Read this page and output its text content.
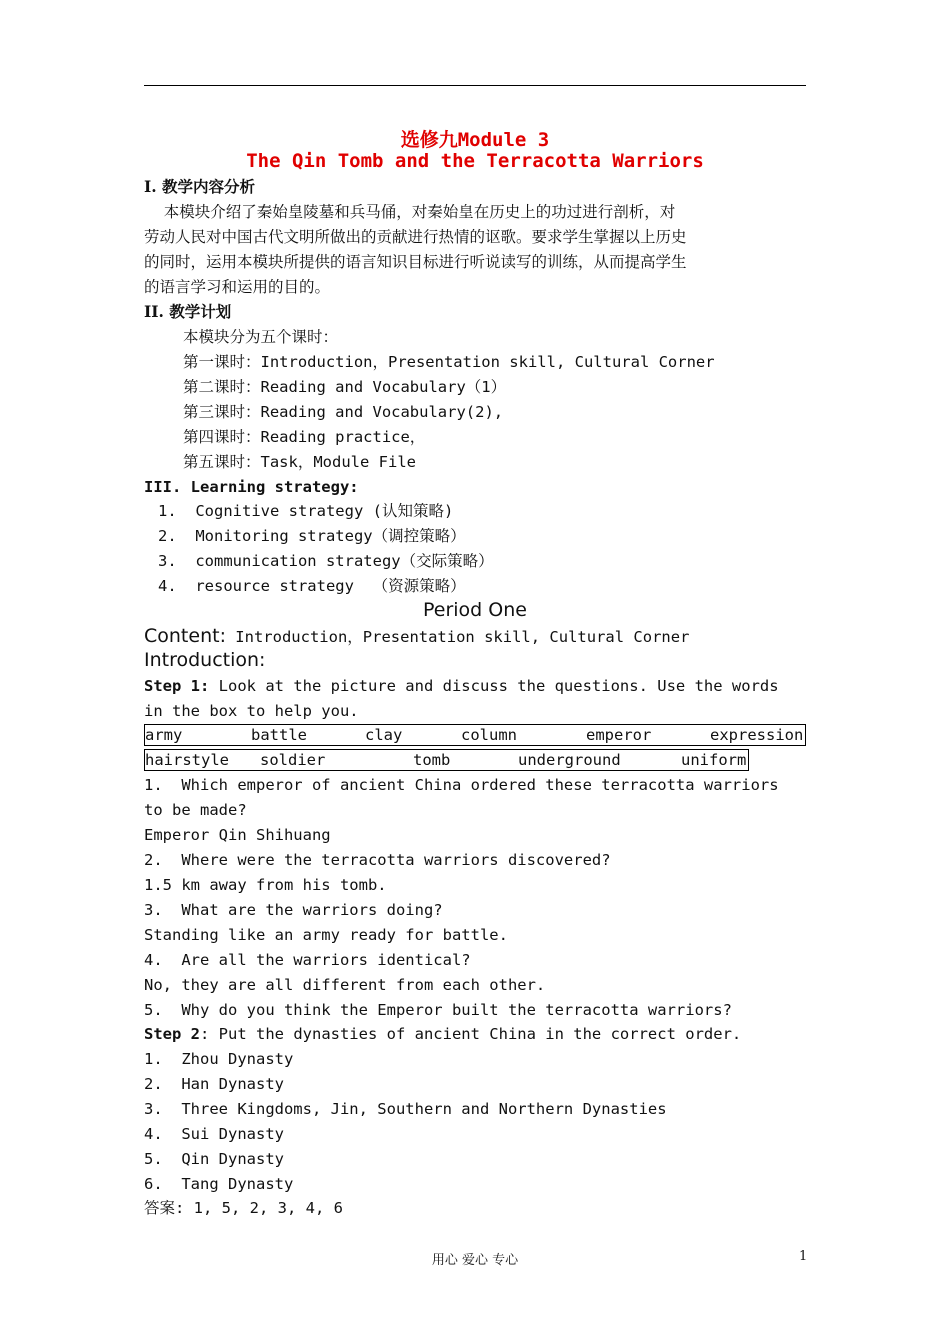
选修九Module 3
The Qin Tomb and the Terracotta Warriors
I. 教学内容分析
本模块介绍了秦始皇陵墓和兵马俑，对秦始皇在历史上的功过进行剖析，对
劳动人民对中国古代文明所做出的贡献进行热情的讴歌。要求学生掌握以上历史
的同时，运用本模块所提供的语言知识目标进行听说读写的训练，从而提高学生
的语言学习和运用的目的。
II. 教学计划
本模块分为五个课时：
第一课时：Introduction，Presentation skill, Cultural Corner
第二课时：Reading and Vocabulary（1）
第三课时：Reading and Vocabulary(2),
第四课时：Reading practice，
第五课时：Task，Module File
III. Learning strategy:
1.  Cognitive strategy (认知策略)
2.  Monitoring strategy（调控策略）
3.  communication strategy（交际策略）
4.  resource strategy  （资源策略）
Period One
Content: Introduction，Presentation skill, Cultural Corner
Introduction:
Step 1: Look at the picture and discuss the questions. Use the words
in the box to help you.
army	battle	clay	column	emperor	expression
hairstyle soldier	tomb	underground	uniform
1.  Which emperor of ancient China ordered these terracotta warriors
to be made?
Emperor Qin Shihuang
2.  Where were the terracotta warriors discovered?
1.5 km away from his tomb.
3.  What are the warriors doing?
Standing like an army ready for battle.
4.  Are all the warriors identical?
No, they are all different from each other.
5.  Why do you think the Emperor built the terracotta warriors?
Step 2: Put the dynasties of ancient China in the correct order.
1.  Zhou Dynasty
2.  Han Dynasty
3.  Three Kingdoms, Jin, Southern and Northern Dynasties
4.  Sui Dynasty
5.  Qin Dynasty
6.  Tang Dynasty
答案: 1, 5, 2, 3, 4, 6
用心 爱心 专心	1
